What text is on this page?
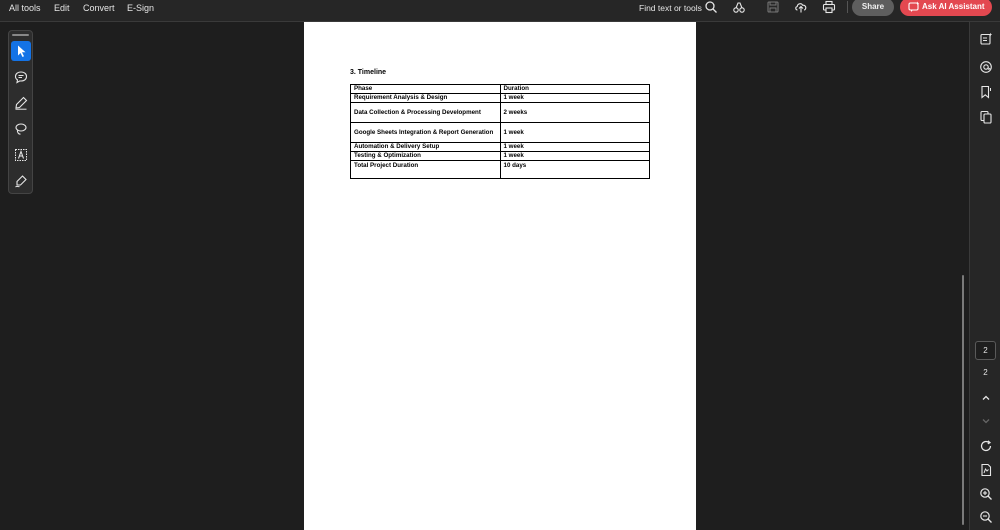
All tools Edit Convert E-Sign	Find text or tools	Share	Ask AI Assistant
3. Timeline
Phase	Duration
Requirement Analysis & Design	1 week
Data Collection & Processing Development	2 weeks
Google Sheets Integration & Report Generation	1 week
Automation & Delivery Setup	1 week
Testing & Optimization	1 week
Total Project Duration	10 days
2
2
